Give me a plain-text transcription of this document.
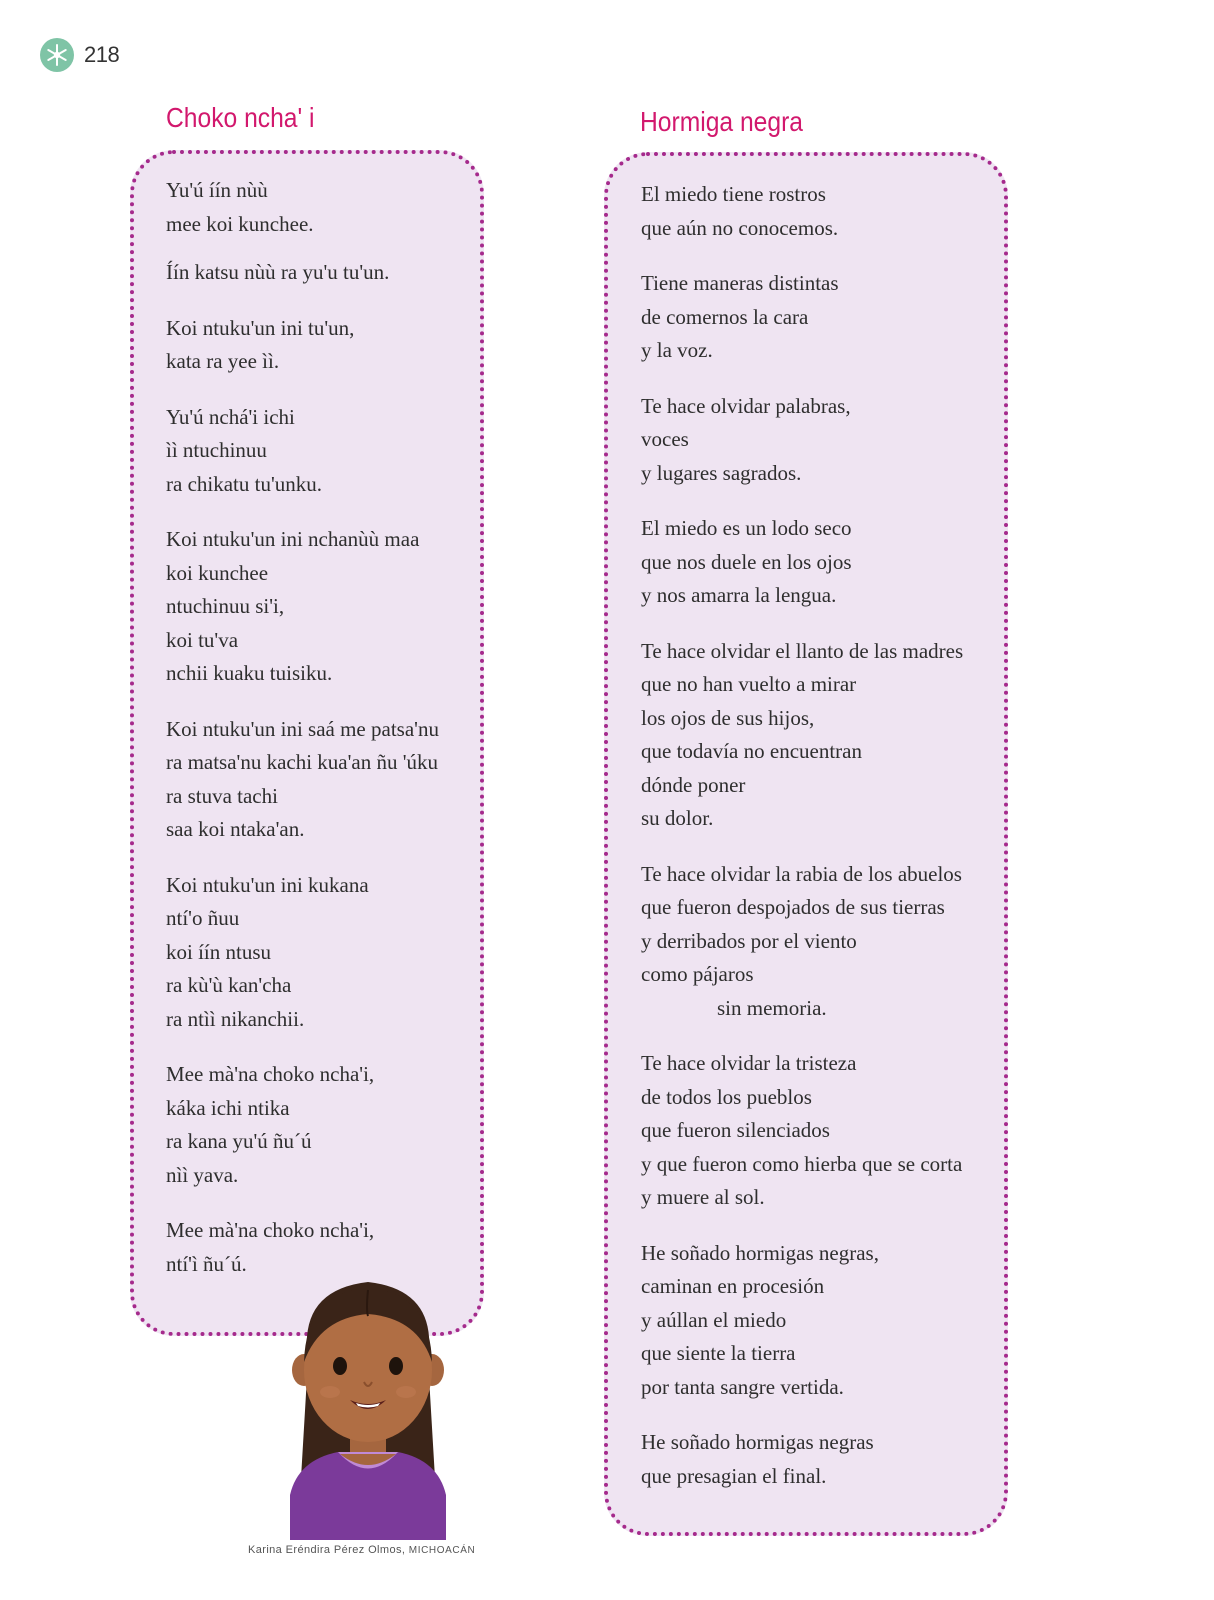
218
Choko ncha' i	Hormiga negra

Yu'ú íín nùù
mee koi kunchee.

Íín katsu nùù ra yu'u tu'un.

Koi ntuku'un ini tu'un,
kata ra yee ìì.

Yu'ú nchá'i ichi
ìì ntuchinuu
ra chikatu tu'unku.

Koi ntuku'un ini nchanùù maa
koi kunchee
ntuchinuu si'i,
koi tu'va
nchii kuaku tuisiku.

Koi ntuku'un ini saá me patsa'nu
ra matsa'nu kachi kua'an ñu 'úku
ra stuva tachi
saa koi ntaka'an.

Koi ntuku'un ini kukana
ntí'o ñuu
koi íín ntusu
ra kù'ù kan'cha
ra ntìì nikanchii.

Mee mà'na choko ncha'i,
káka ichi ntika
ra kana yu'ú ñu´ú
nìì yava.

Mee mà'na choko ncha'i,
ntí'ì ñu´ú.

El miedo tiene rostros
que aún no conocemos.

Tiene maneras distintas
de comernos la cara
y la voz.

Te hace olvidar palabras,
voces
y lugares sagrados.

El miedo es un lodo seco
que nos duele en los ojos
y nos amarra la lengua.

Te hace olvidar el llanto de las madres
que no han vuelto a mirar
los ojos de sus hijos,
que todavía no encuentran
dónde poner
su dolor.

Te hace olvidar la rabia de los abuelos
que fueron despojados de sus tierras
y derribados por el viento
como pájaros
sin memoria.

Te hace olvidar la tristeza
de todos los pueblos
que fueron silenciados
y que fueron como hierba que se corta
y muere al sol.

He soñado hormigas negras,
caminan en procesión
y aúllan el miedo
que siente la tierra
por tanta sangre vertida.

He soñado hormigas negras
que presagian el final.

Karina Eréndira Pérez Olmos, MICHOACÁN
